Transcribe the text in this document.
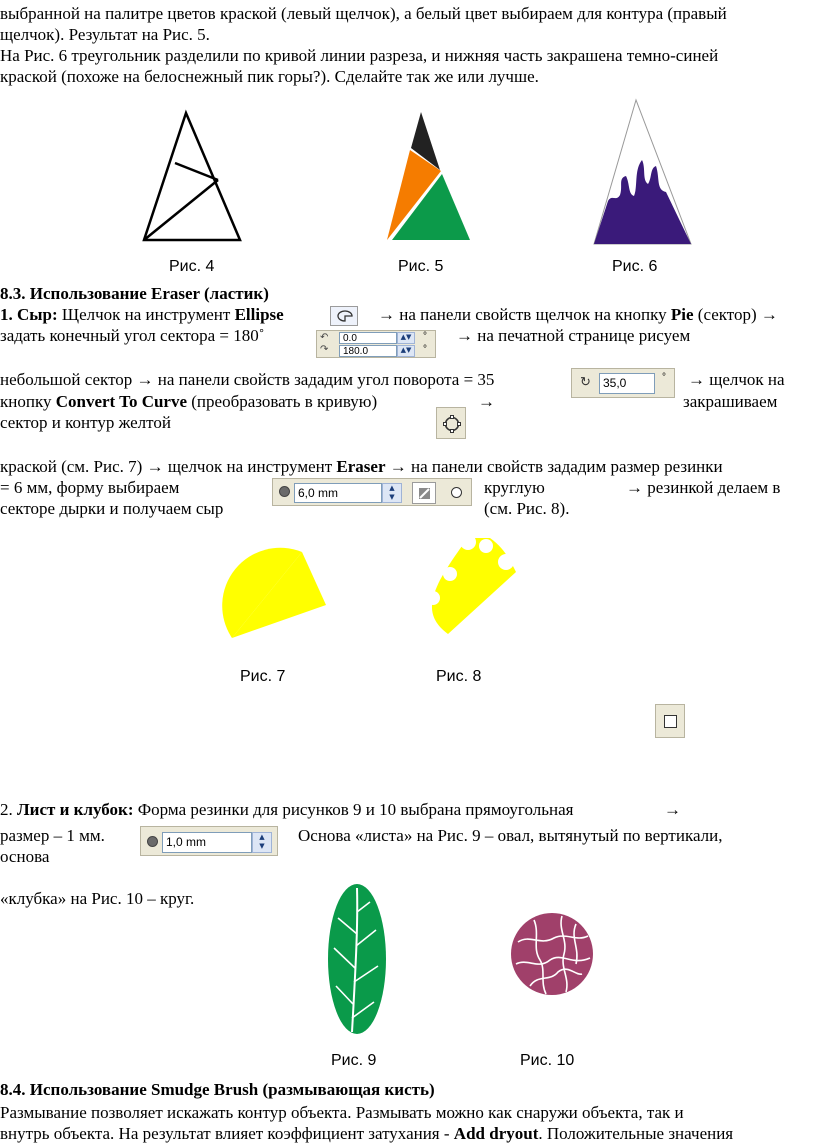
выбранной на палитре цветов краской (левый щелчок), а белый цвет выбираем для контура (правый
щелчок). Результат на Рис. 5.
На Рис. 6 треугольник разделили по кривой линии разреза, и нижняя часть закрашена темно-синей
краской (похоже на белоснежный пик горы?). Сделайте так же или лучше.
Рис. 4	Рис. 5	Рис. 6
8.3. Использование Eraser (ластик)
1. Сыр: Щелчок на инструмент Ellipse	→ на панели свойств щелчок на кнопку Pie (сектор) →
задать конечный угол сектора = 180˚	↶	0.0	▲▼
↷	180.0	▲▼
°
°
→ на печатной странице рисуем
небольшой сектор → на панели свойств зададим угол поворота = 35	↻	35,0	° → щелчок на
кнопку Convert To Curve (преобразовать в кривую)	→	закрашиваем
сектор и контур желтой
краской (см. Рис. 7) → щелчок на инструмент Eraser → на панели свойств зададим размер резинки
= 6 мм, форму выбираем	6,0 mm	▲
▼	круглую	→ резинкой делаем в
секторе дырки и получаем сыр	(см. Рис. 8).
Рис. 7	Рис. 8
2. Лист и клубок: Форма резинки для рисунков 9 и 10 выбрана прямоугольная	→
размер – 1 мм.	1,0 mm	▲
▼
Основа «листа» на Рис. 9 – овал, вытянутый по вертикали,
основа
«клубка» на Рис. 10 – круг.
Рис. 9	Рис. 10
8.4. Использование Smudge Brush (размывающая кисть)
Размывание позволяет искажать контур объекта. Размывать можно как снаружи объекта, так и
внутрь объекта. На результат влияет коэффициент затухания - Add dryout. Положительные значения
